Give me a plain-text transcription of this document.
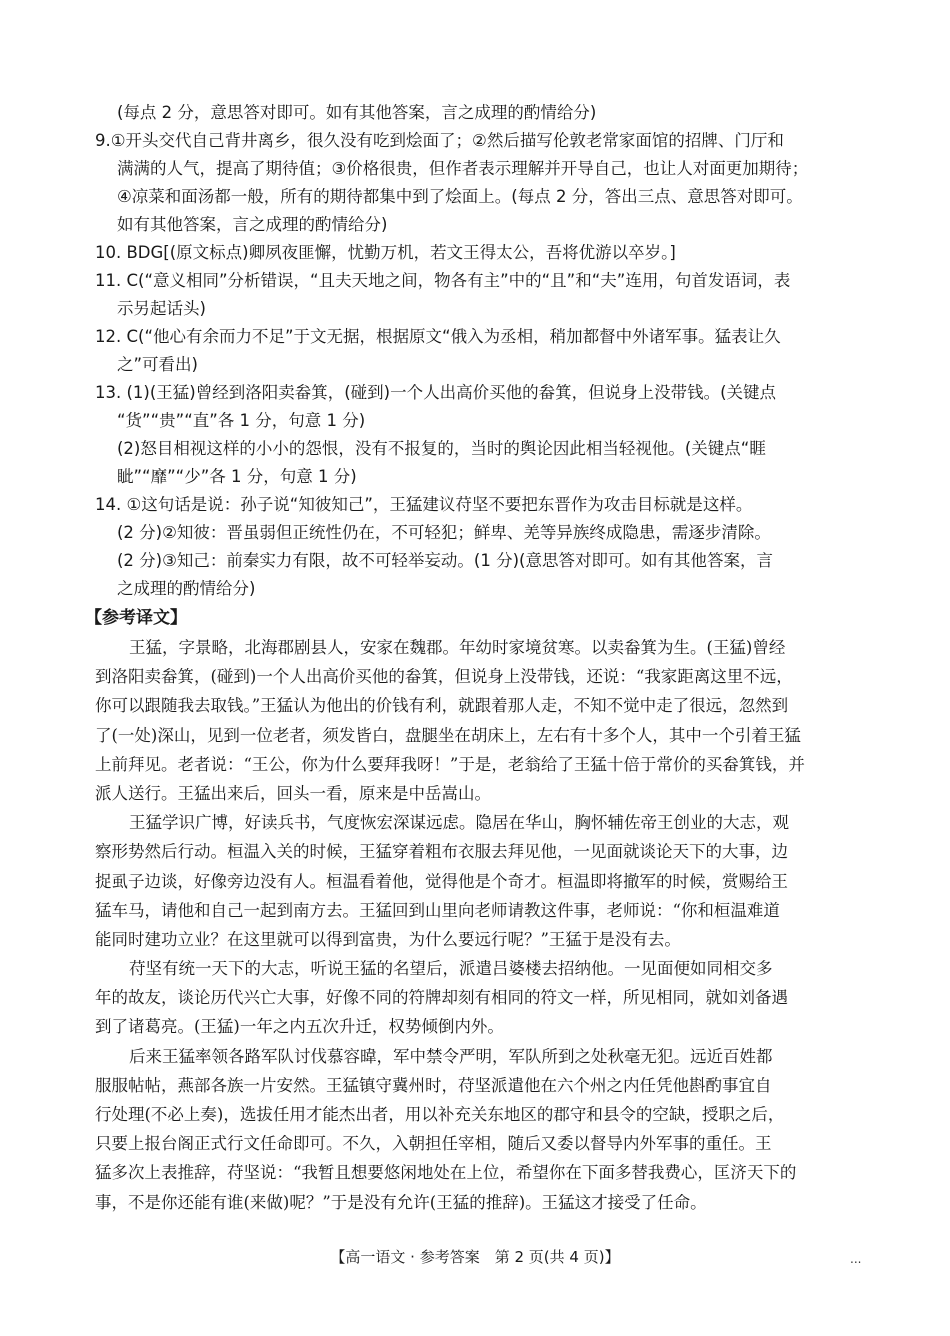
(每点 2 分，意思答对即可。如有其他答案，言之成理的酌情给分)
9.①开头交代自己背井离乡，很久没有吃到烩面了；②然后描写伦敦老常家面馆的招牌、门厅和
满满的人气，提高了期待值；③价格很贵，但作者表示理解并开导自己，也让人对面更加期待；
④凉菜和面汤都一般，所有的期待都集中到了烩面上。(每点 2 分，答出三点、意思答对即可。
如有其他答案，言之成理的酌情给分)
10. BDG[(原文标点)卿夙夜匪懈，忧勤万机，若文王得太公，吾将优游以卒岁。]
11. C(“意义相同”分析错误，“且夫天地之间，物各有主”中的“且”和“夫”连用，句首发语词，表
示另起话头)
12. C(“他心有余而力不足”于文无据，根据原文“俄入为丞相，稍加都督中外诸军事。猛表让久
之”可看出)
13. (1)(王猛)曾经到洛阳卖畚箕，(碰到)一个人出高价买他的畚箕，但说身上没带钱。(关键点
“货”“贵”“直”各 1 分，句意 1 分)
(2)怒目相视这样的小小的怨恨，没有不报复的，当时的舆论因此相当轻视他。(关键点“睚
眦”“靡”“少”各 1 分，句意 1 分)
14. ①这句话是说：孙子说“知彼知己”，王猛建议苻坚不要把东晋作为攻击目标就是这样。
(2 分)②知彼：晋虽弱但正统性仍在，不可轻犯；鲜卑、羌等异族终成隐患，需逐步清除。
(2 分)③知己：前秦实力有限，故不可轻举妄动。(1 分)(意思答对即可。如有其他答案，言
之成理的酌情给分)
【参考译文】
王猛，字景略，北海郡剧县人，安家在魏郡。年幼时家境贫寒。以卖畚箕为生。(王猛)曾经
到洛阳卖畚箕，(碰到)一个人出高价买他的畚箕，但说身上没带钱，还说：“我家距离这里不远，
你可以跟随我去取钱。”王猛认为他出的价钱有利，就跟着那人走，不知不觉中走了很远，忽然到
了(一处)深山，见到一位老者，须发皆白，盘腿坐在胡床上，左右有十多个人，其中一个引着王猛
上前拜见。老者说：“王公，你为什么要拜我呀！”于是，老翁给了王猛十倍于常价的买畚箕钱，并
派人送行。王猛出来后，回头一看，原来是中岳嵩山。
王猛学识广博，好读兵书，气度恢宏深谋远虑。隐居在华山，胸怀辅佐帝王创业的大志，观
察形势然后行动。桓温入关的时候，王猛穿着粗布衣服去拜见他，一见面就谈论天下的大事，边
捉虱子边谈，好像旁边没有人。桓温看着他，觉得他是个奇才。桓温即将撤军的时候，赏赐给王
猛车马，请他和自己一起到南方去。王猛回到山里向老师请教这件事，老师说：“你和桓温难道
能同时建功立业？在这里就可以得到富贵，为什么要远行呢？”王猛于是没有去。
苻坚有统一天下的大志，听说王猛的名望后，派遣吕婆楼去招纳他。一见面便如同相交多
年的故友，谈论历代兴亡大事，好像不同的符牌却刻有相同的符文一样，所见相同，就如刘备遇
到了诸葛亮。(王猛)一年之内五次升迁，权势倾倒内外。
后来王猛率领各路军队讨伐慕容暐，军中禁令严明，军队所到之处秋毫无犯。远近百姓都
服服帖帖，燕部各族一片安然。王猛镇守冀州时，苻坚派遣他在六个州之内任凭他斟酌事宜自
行处理(不必上奏)，选拔任用才能杰出者，用以补充关东地区的郡守和县令的空缺，授职之后，
只要上报台阁正式行文任命即可。不久，入朝担任宰相，随后又委以督导内外军事的重任。王
猛多次上表推辞，苻坚说：“我暂且想要悠闲地处在上位，希望你在下面多替我费心，匡济天下的
事，不是你还能有谁(来做)呢？”于是没有允许(王猛的推辞)。王猛这才接受了任命。
【高一语文 · 参考答案　第 2 页(共 4 页)】	...
